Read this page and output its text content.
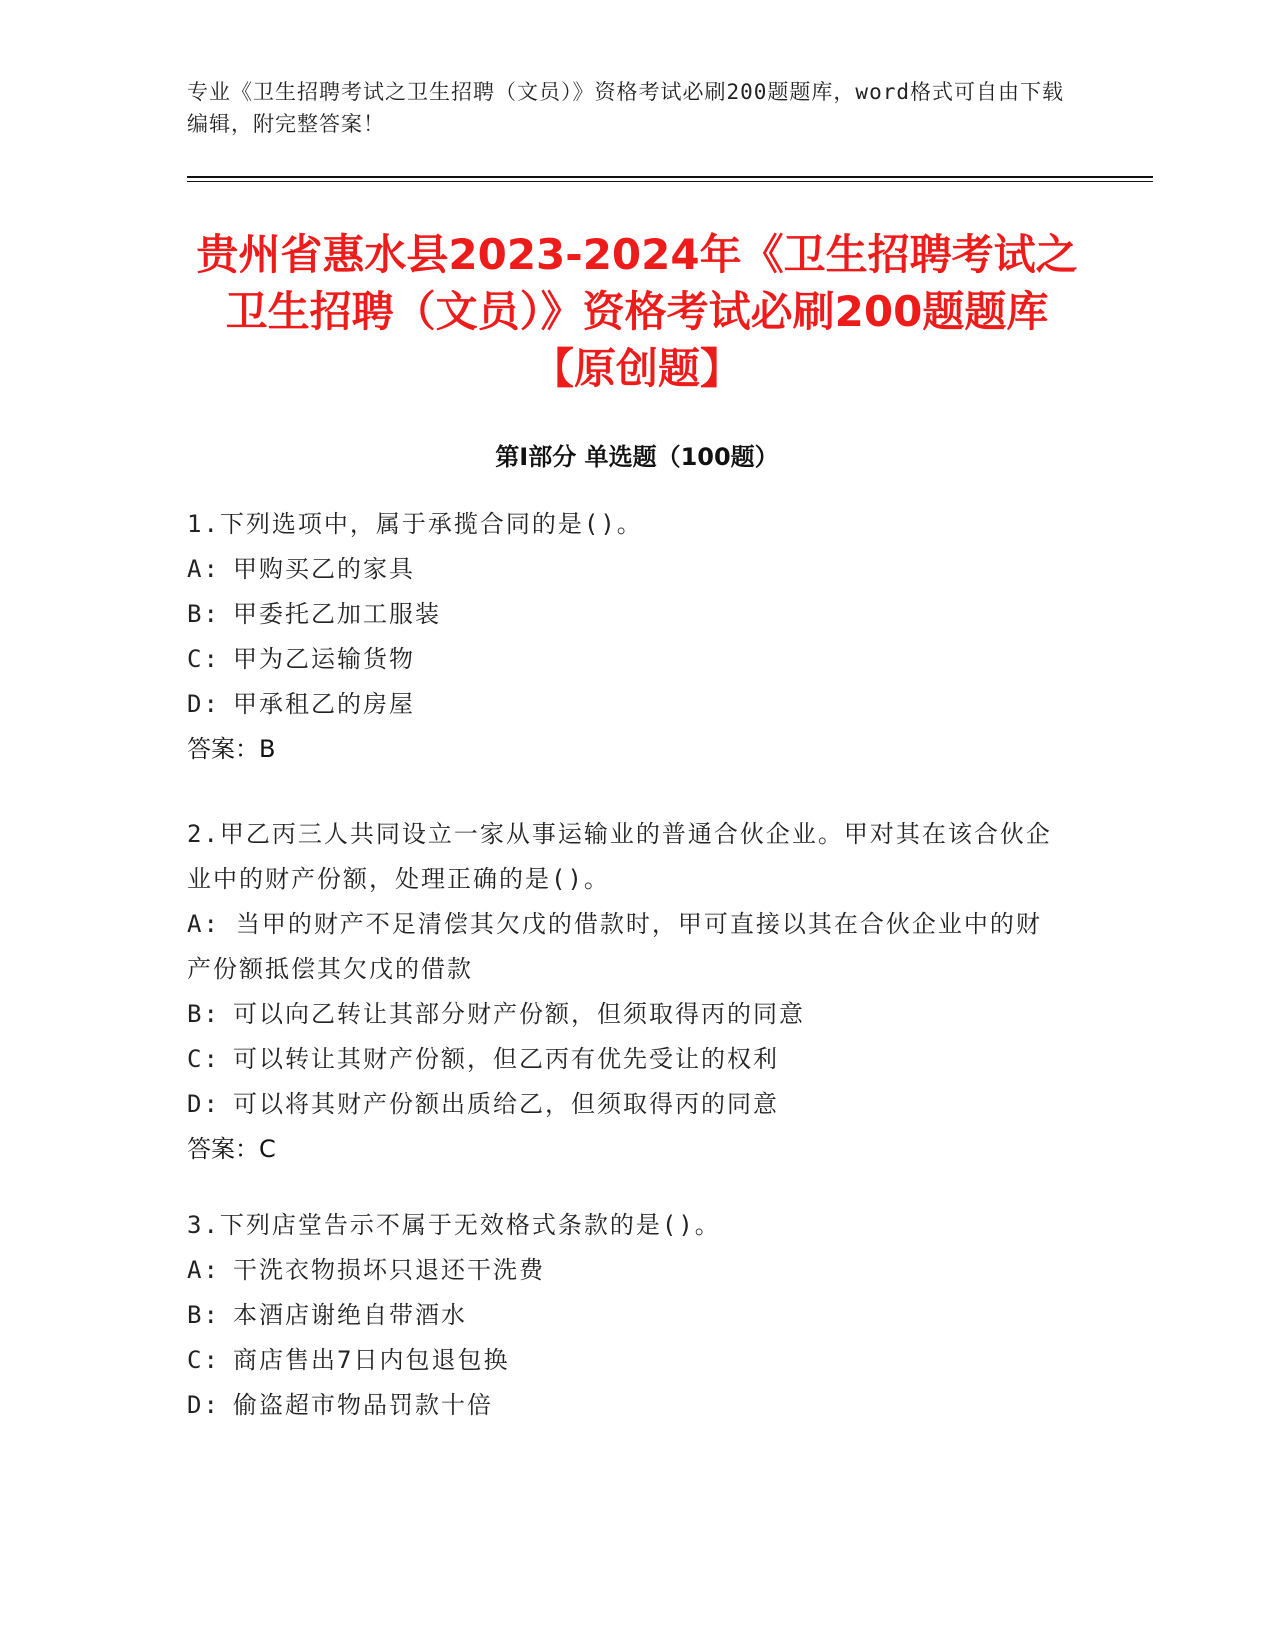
专业《卫生招聘考试之卫生招聘（文员）》资格考试必刷200题题库，word格式可自由下载编辑，附完整答案！
贵州省惠水县2023-2024年《卫生招聘考试之卫生招聘（文员）》资格考试必刷200题题库【原创题】
第Ⅰ部分 单选题（100题）
1.下列选项中，属于承揽合同的是()。
A: 甲购买乙的家具
B: 甲委托乙加工服装
C: 甲为乙运输货物
D: 甲承租乙的房屋
答案：B
2.甲乙丙三人共同设立一家从事运输业的普通合伙企业。甲对其在该合伙企业中的财产份额，处理正确的是()。
A: 当甲的财产不足清偿其欠戊的借款时，甲可直接以其在合伙企业中的财产份额抵偿其欠戊的借款
B: 可以向乙转让其部分财产份额，但须取得丙的同意
C: 可以转让其财产份额，但乙丙有优先受让的权利
D: 可以将其财产份额出质给乙，但须取得丙的同意
答案：C
3.下列店堂告示不属于无效格式条款的是()。
A: 干洗衣物损坏只退还干洗费
B: 本酒店谢绝自带酒水
C: 商店售出7日内包退包换
D: 偷盗超市物品罚款十倍
